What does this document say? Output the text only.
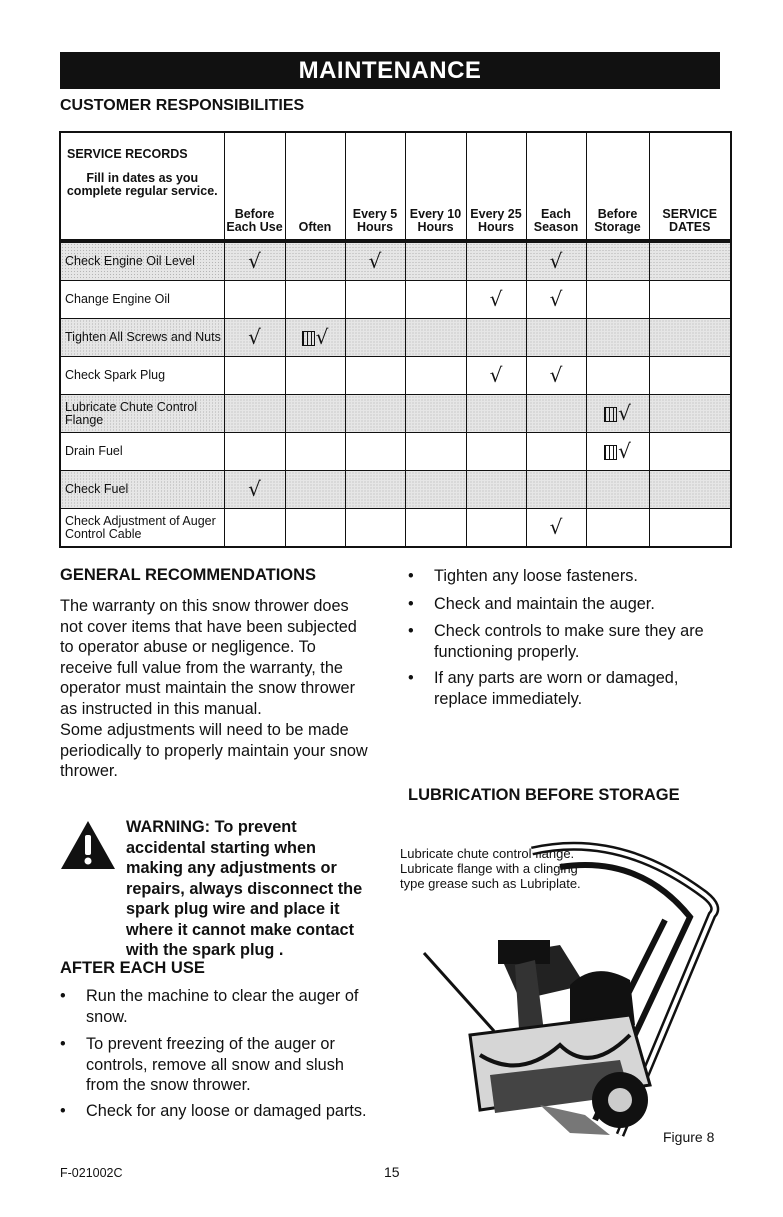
MAINTENANCE
CUSTOMER RESPONSIBILITIES
SERVICE RECORDS
Fill in dates as you complete regular service.	Before Each Use	Often	Every 5 Hours	Every 10 Hours	Every 25 Hours	Each Season	Before Storage	SERVICE DATES
Check Engine Oil Level	√		√			√		
Change Engine Oil					√	√		
Tighten All Screws and Nuts	√	√						
Check Spark Plug					√	√		
Lubricate Chute Control Flange							√	
Drain Fuel							√	
Check Fuel	√							
Check Adjustment of Auger Control Cable						√		
GENERAL RECOMMENDATIONS
The warranty on this snow thrower does not cover items that have been subjected to operator abuse or negligence. To receive full value from the warranty, the operator must maintain the snow thrower as instructed in this manual.
Some adjustments will need to be made periodically to properly maintain your snow thrower.
WARNING: To prevent accidental starting when making any adjustments or repairs, always disconnect the spark plug wire and place it where it cannot make contact with the spark plug .
AFTER EACH USE
•	Run the machine to clear the auger of snow.
•	To prevent freezing of the auger or controls, remove all snow and slush from the snow thrower.
•	Check for any loose or damaged parts.
•	Tighten any loose fasteners.
•	Check and maintain the auger.
•	Check controls to make sure they are functioning properly.
•	If any parts are worn or damaged, replace immediately.
LUBRICATION BEFORE STORAGE
Lubricate chute control flange. Lubricate flange with a clinging type grease such as Lubriplate.
Figure 8
F-021002C	15
